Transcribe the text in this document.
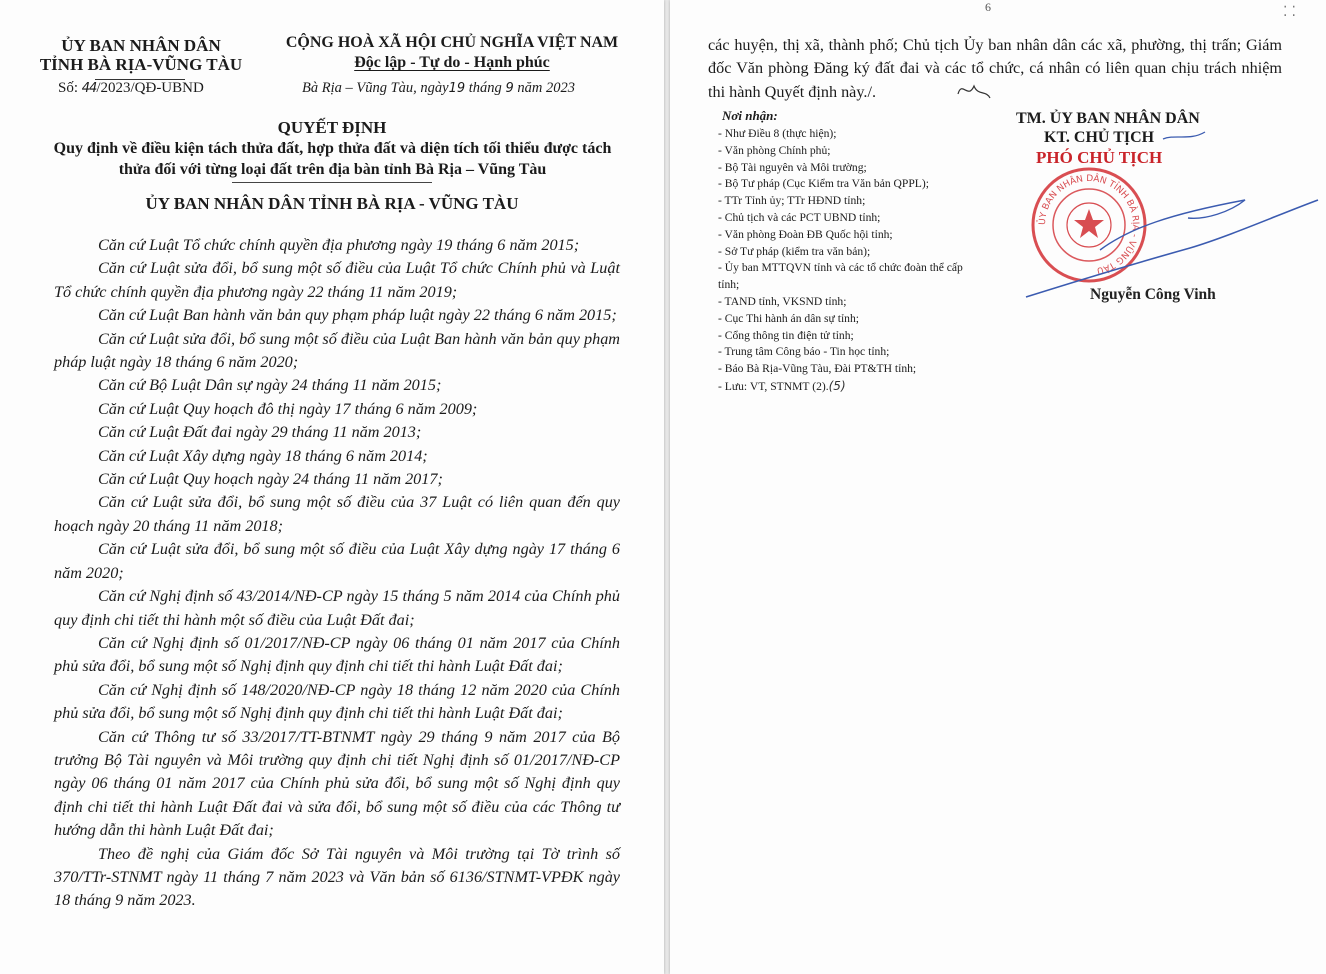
ỦY BAN NHÂN DÂN
TỈNH BÀ RỊA-VŨNG TÀU
Số: 44/2023/QĐ-UBND
CỘNG HOÀ XÃ HỘI CHỦ NGHĨA VIỆT NAM
Độc lập - Tự do - Hạnh phúc
Bà Rịa – Vũng Tàu, ngày19 tháng 9 năm 2023
QUYẾT ĐỊNH
Quy định về điều kiện tách thửa đất, hợp thửa đất và diện tích tối thiểu được tách thửa đối với từng loại đất trên địa bàn tỉnh Bà Rịa – Vũng Tàu
ỦY BAN NHÂN DÂN TỈNH BÀ RỊA - VŨNG TÀU

Căn cứ Luật Tổ chức chính quyền địa phương ngày 19 tháng 6 năm 2015;

Căn cứ Luật sửa đổi, bổ sung một số điều của Luật Tổ chức Chính phủ và Luật Tổ chức chính quyền địa phương ngày 22 tháng 11 năm 2019;

Căn cứ Luật Ban hành văn bản quy phạm pháp luật ngày 22 tháng 6 năm 2015;

Căn cứ Luật sửa đổi, bổ sung một số điều của Luật Ban hành văn bản quy phạm pháp luật ngày 18 tháng 6 năm 2020;

Căn cứ Bộ Luật Dân sự ngày 24 tháng 11 năm 2015;

Căn cứ Luật Quy hoạch đô thị ngày 17 tháng 6 năm 2009;

Căn cứ Luật Đất đai ngày 29 tháng 11 năm 2013;

Căn cứ Luật Xây dựng ngày 18 tháng 6 năm 2014;

Căn cứ Luật Quy hoạch ngày 24 tháng 11 năm 2017;

Căn cứ Luật sửa đổi, bổ sung một số điều của 37 Luật có liên quan đến quy hoạch ngày 20 tháng 11 năm 2018;

Căn cứ Luật sửa đổi, bổ sung một số điều của Luật Xây dựng ngày 17 tháng 6 năm 2020;

Căn cứ Nghị định số 43/2014/NĐ-CP ngày 15 tháng 5 năm 2014 của Chính phủ quy định chi tiết thi hành một số điều của Luật Đất đai;

Căn cứ Nghị định số 01/2017/NĐ-CP ngày 06 tháng 01 năm 2017 của Chính phủ sửa đổi, bổ sung một số Nghị định quy định chi tiết thi hành Luật Đất đai;

Căn cứ Nghị định số 148/2020/NĐ-CP ngày 18 tháng 12 năm 2020 của Chính phủ sửa đổi, bổ sung một số Nghị định quy định chi tiết thi hành Luật Đất đai;

Căn cứ Thông tư số 33/2017/TT-BTNMT ngày 29 tháng 9 năm 2017 của Bộ trưởng Bộ Tài nguyên và Môi trường quy định chi tiết Nghị định số 01/2017/NĐ-CP ngày 06 tháng 01 năm 2017 của Chính phủ sửa đổi, bổ sung một số Nghị định quy định chi tiết thi hành Luật Đất đai và sửa đổi, bổ sung một số điều của các Thông tư hướng dẫn thi hành Luật Đất đai;

Theo đề nghị của Giám đốc Sở Tài nguyên và Môi trường tại Tờ trình số 370/TTr-STNMT ngày 11 tháng 7 năm 2023 và Văn bản số 6136/STNMT-VPĐK ngày 18 tháng 9 năm 2023.

6	⁚⁚
các huyện, thị xã, thành phố; Chủ tịch Ủy ban nhân dân các xã, phường, thị trấn; Giám đốc Văn phòng Đăng ký đất đai và các tổ chức, cá nhân có liên quan chịu trách nhiệm thi hành Quyết định này./.
Nơi nhận:
- Như Điều 8 (thực hiện);
- Văn phòng Chính phủ;
- Bộ Tài nguyên và Môi trường;
- Bộ Tư pháp (Cục Kiểm tra Văn bản QPPL);
- TTr Tỉnh ủy; TTr HĐND tỉnh;
- Chủ tịch và các PCT UBND tỉnh;
- Văn phòng Đoàn ĐB Quốc hội tỉnh;
- Sở Tư pháp (kiểm tra văn bản);
- Ủy ban MTTQVN tỉnh và các tổ chức đoàn thể cấp tỉnh;
- TAND tỉnh, VKSND tỉnh;
- Cục Thi hành án dân sự tỉnh;
- Cổng thông tin điện tử tỉnh;
- Trung tâm Công báo - Tin học tỉnh;
- Báo Bà Rịa-Vũng Tàu, Đài PT&TH tỉnh;
- Lưu: VT, STNMT (2).(5)
TM. ỦY BAN NHÂN DÂN
KT. CHỦ TỊCH
PHÓ CHỦ TỊCH
ỦY BAN NHÂN DÂN TỈNH BÀ RỊA - VŨNG TÀU
Nguyễn Công Vinh
